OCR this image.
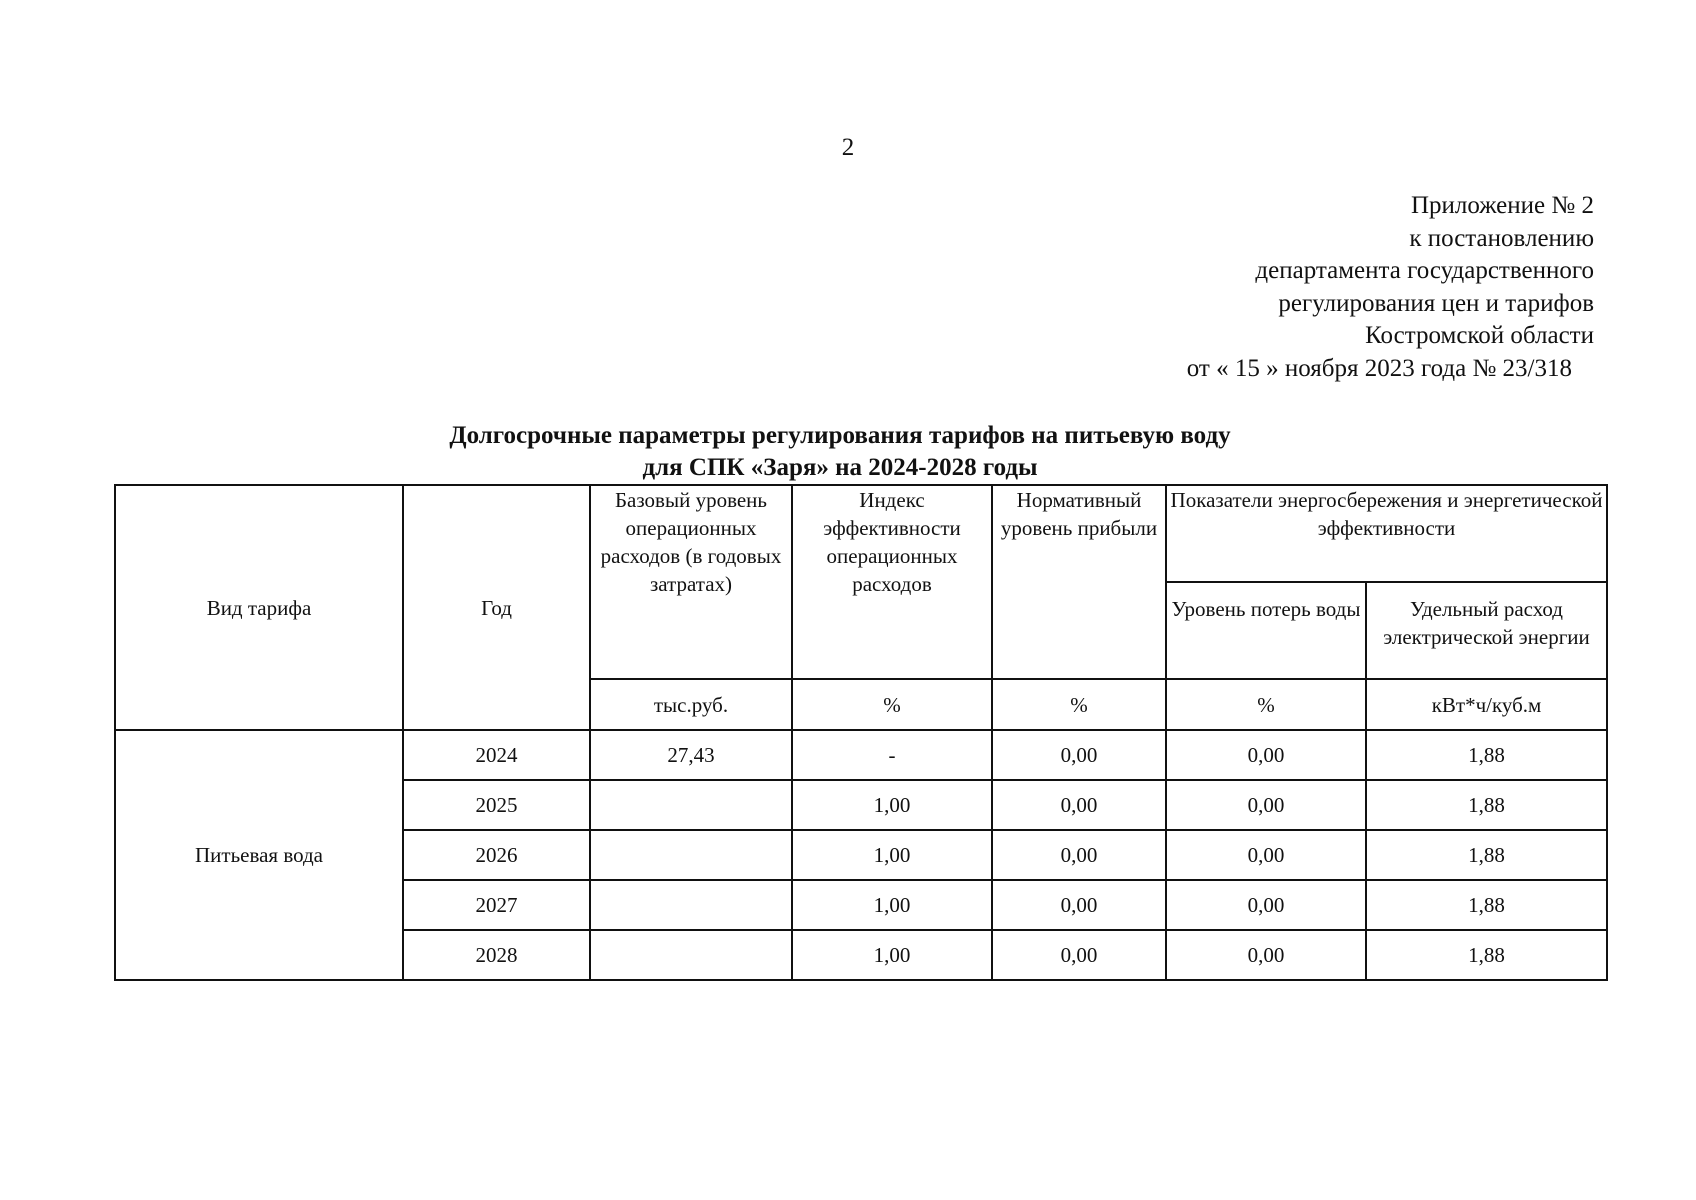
2
Приложение № 2
к постановлению
департамента государственного
регулирования цен и тарифов
Костромской области
от « 15 » ноября 2023 года № 23/318
Долгосрочные параметры регулирования тарифов на питьевую воду
для СПК «Заря» на 2024-2028 годы
Вид тарифа	Год	Базовый уровень операционных расходов (в годовых затратах)	Индекс эффективности операционных расходов	Нормативный уровень прибыли	Показатели энергосбережения и энергетической эффективности	
					Уровень потерь воды	Удельный расход электрической энергии
		тыс.руб.	%	%	%	кВт*ч/куб.м
Питьевая вода	2024	27,43	-	0,00	0,00	1,88
	2025		1,00	0,00	0,00	1,88
	2026		1,00	0,00	0,00	1,88
	2027		1,00	0,00	0,00	1,88
	2028		1,00	0,00	0,00	1,88
